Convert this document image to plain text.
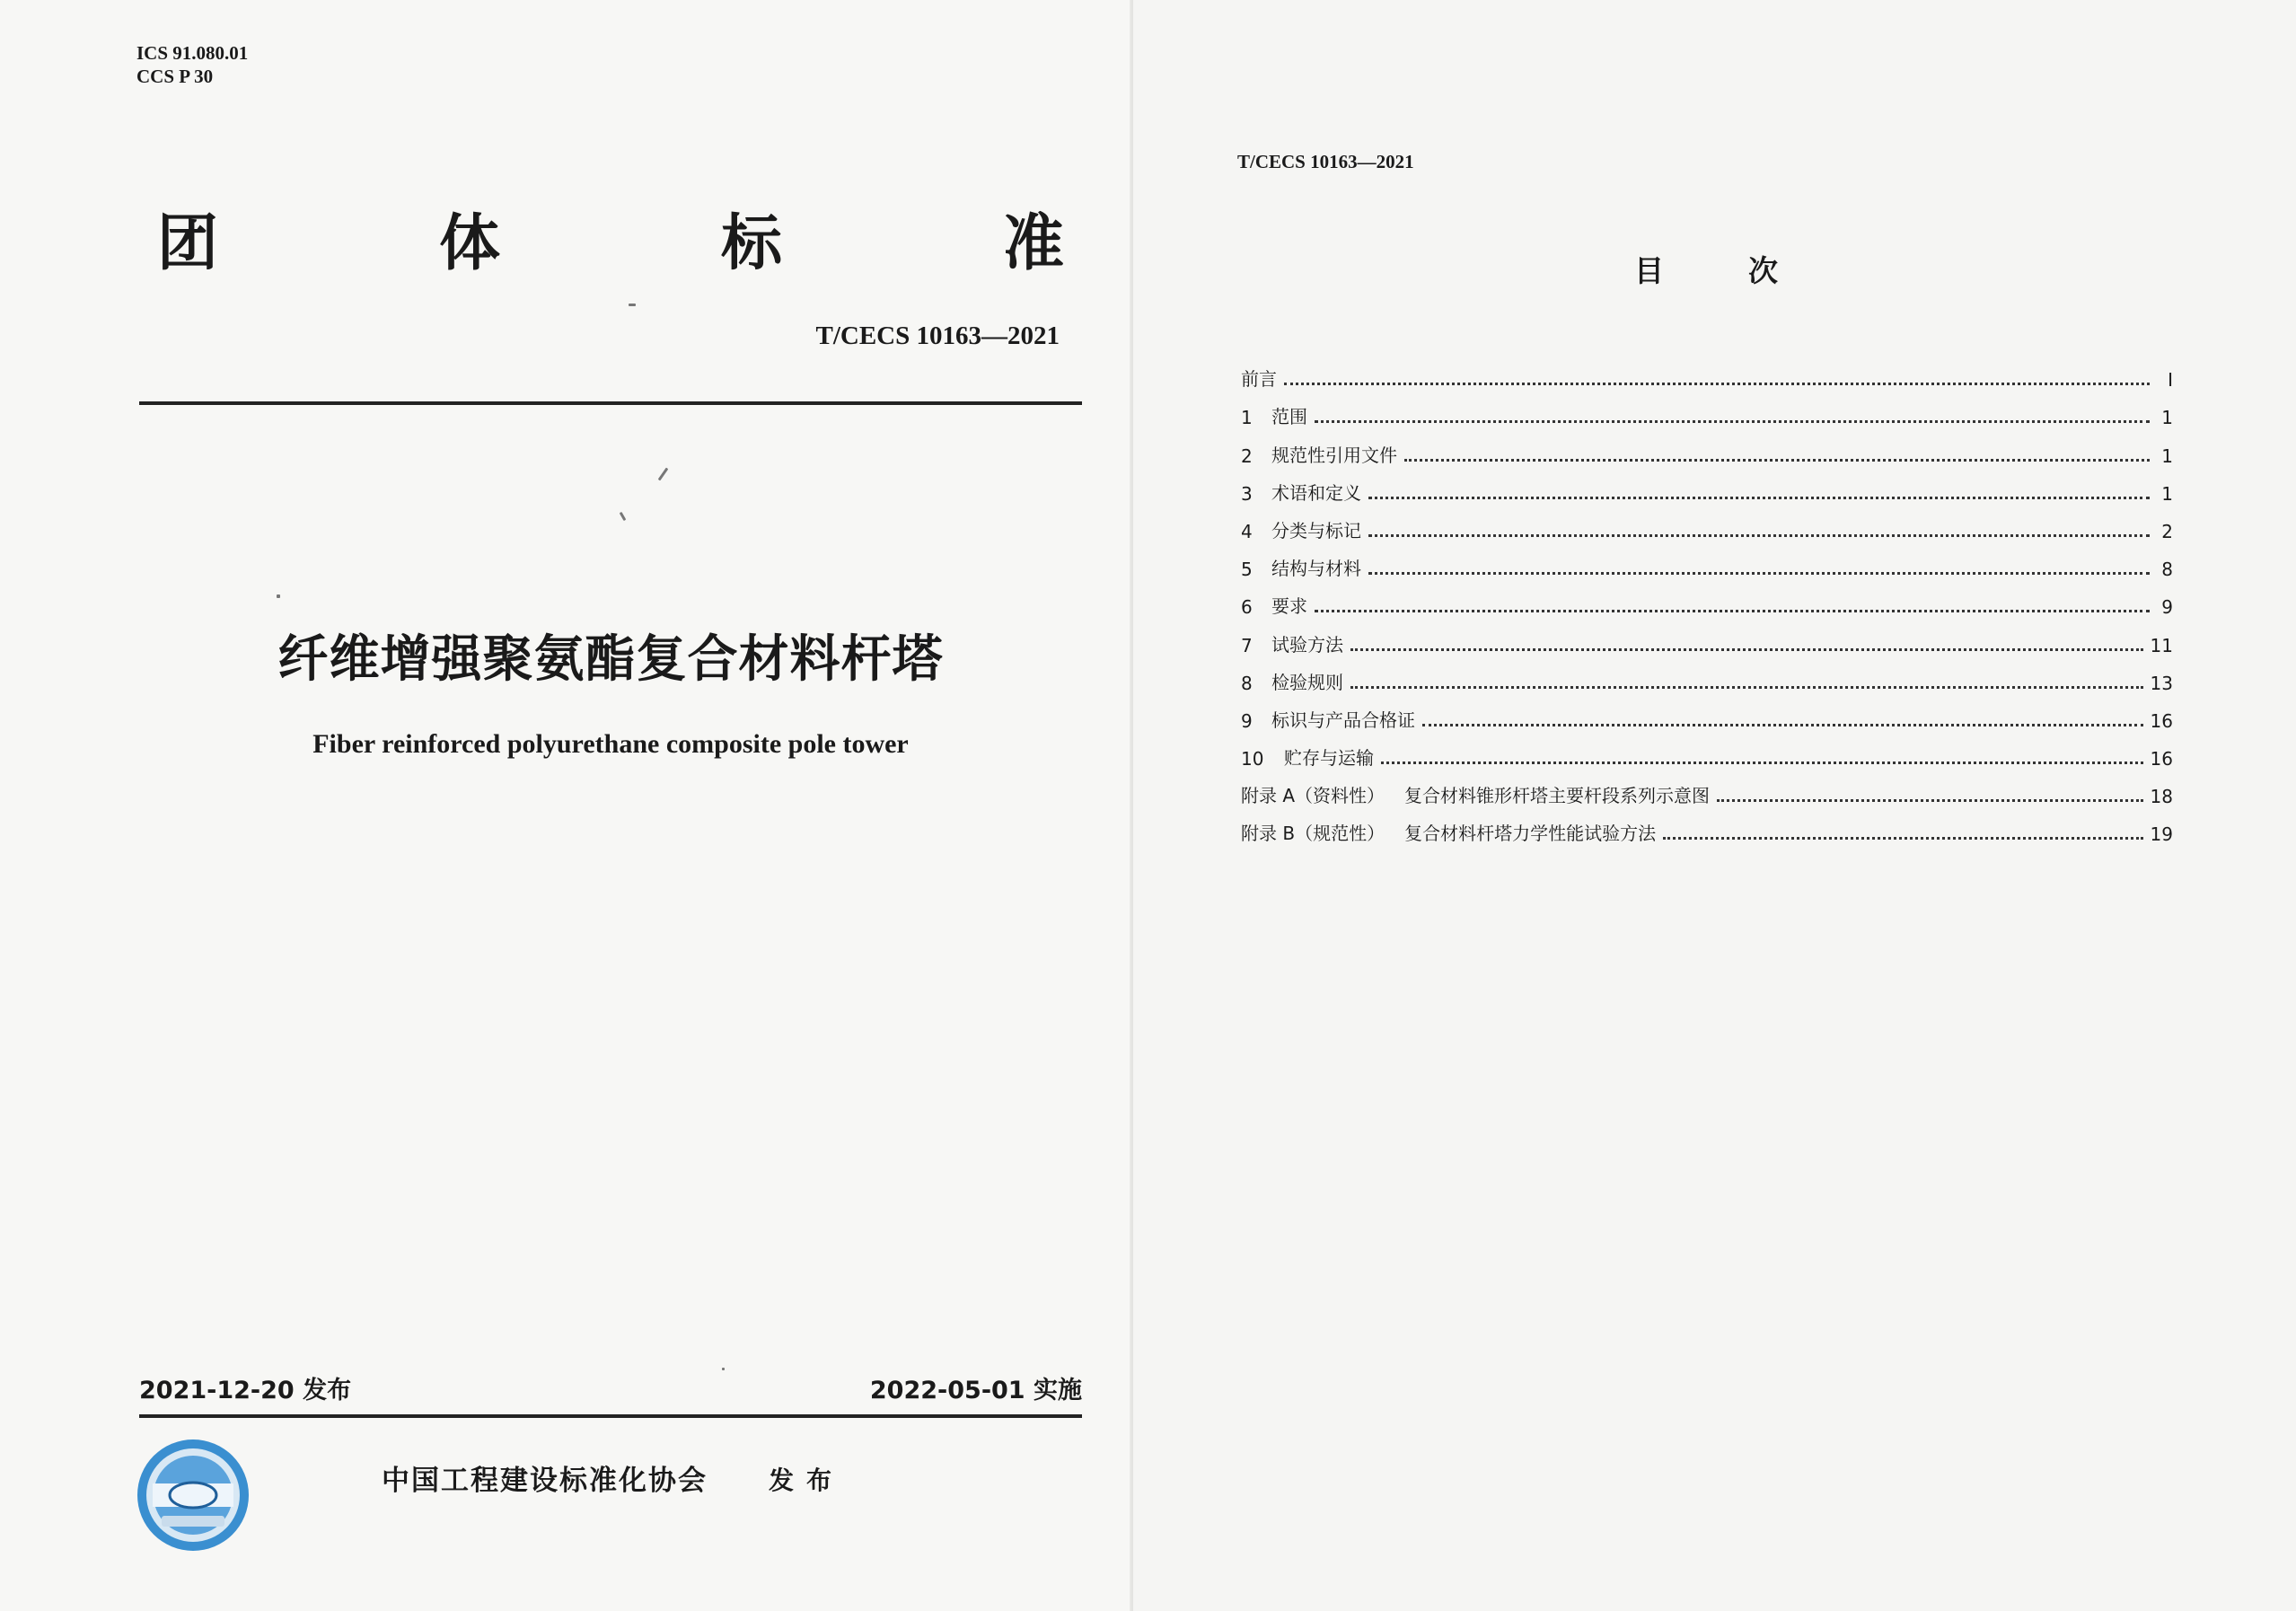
ICS 91.080.01
CCS P 30
团	体	标	准
T/CECS 10163—2021
纤维增强聚氨酯复合材料杆塔
Fiber reinforced polyurethane composite pole tower
2021-12-20 发布	2022-05-01 实施
中国工程建设标准化协会 发布
T/CECS 10163—2021
目	次
前言	Ⅰ
1	范围	1
2	规范性引用文件	1
3	术语和定义	1
4	分类与标记	2
5	结构与材料	8
6	要求	9
7	试验方法	11
8	检验规则	13
9	标识与产品合格证	16
10	贮存与运输	16
附录 A（资料性） 复合材料锥形杆塔主要杆段系列示意图	18
附录 B（规范性） 复合材料杆塔力学性能试验方法	19
